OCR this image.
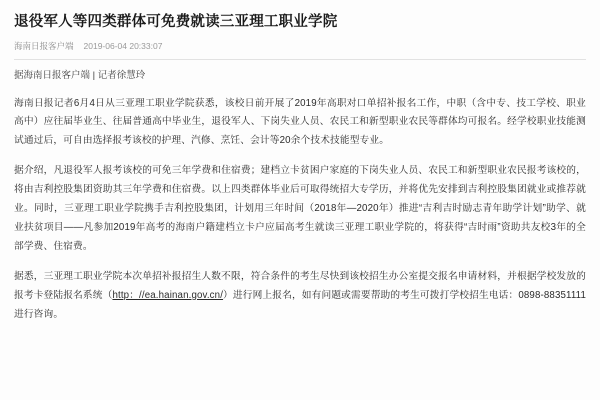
退役军人等四类群体可免费就读三亚理工职业学院
海南日报客户端 2019-06-04 20:33:07
据海南日报客户端 | 记者徐慧玲

海南日报记者6月4日从三亚理工职业学院获悉，该校日前开展了2019年高职对口单招补报名工作，中职（含中专、技工学校、职业高中）应往届毕业生、往届普通高中毕业生，退役军人、下岗失业人员、农民工和新型职业农民等群体均可报名。经学校职业技能测试通过后，可自由选择报考该校的护理、汽修、烹饪、会计等20余个技术技能型专业。

据介绍，凡退役军人报考该校的可免三年学费和住宿费；建档立卡贫困户家庭的下岗失业人员、农民工和新型职业农民报考该校的，将由吉利控股集团资助其三年学费和住宿费。以上四类群体毕业后可取得统招大专学历，并将优先安排到吉利控股集团就业或推荐就业。同时，三亚理工职业学院携手吉利控股集团，计划用三年时间（2018年—2020年）推进“吉利吉时励志青年助学计划”助学、就业扶贫项目——凡参加2019年高考的海南户籍建档立卡户应届高考生就读三亚理工职业学院的，将获得“吉时雨”资助共友校3年的全部学费、住宿费。

据悉，三亚理工职业学院本次单招补报招生人数不限，符合条件的考生尽快到该校招生办公室提交报名申请材料，并根据学校发放的报考卡登陆报名系统（http：//ea.hainan.gov.cn/）进行网上报名，如有问题或需要帮助的考生可拨打学校招生电话：0898-88351111进行咨询。
